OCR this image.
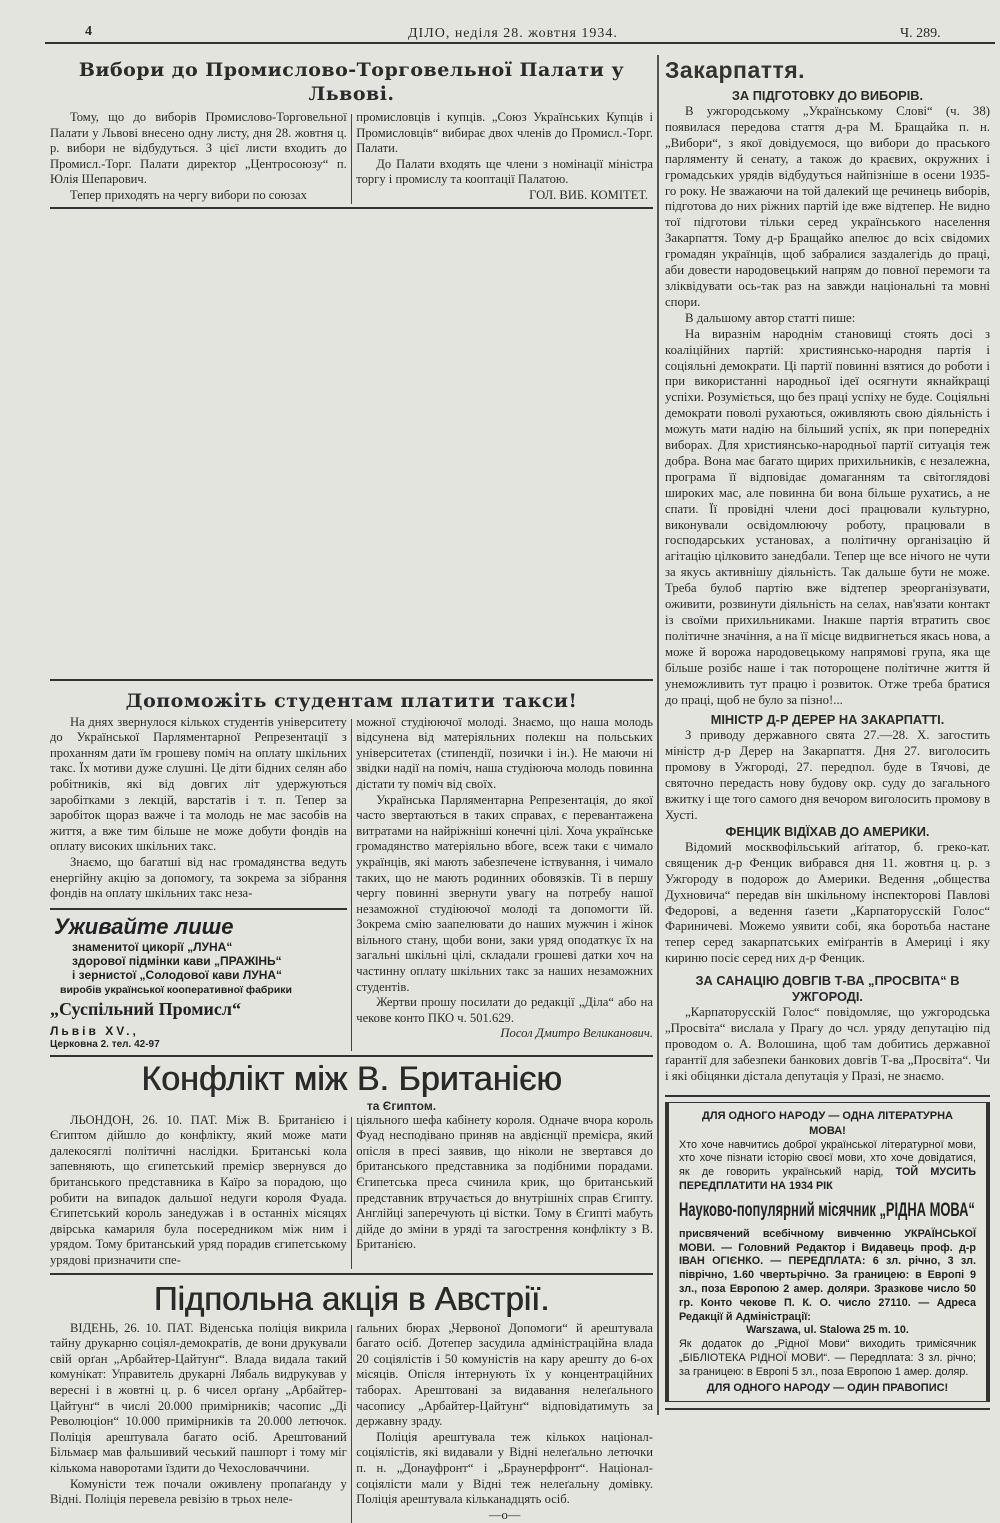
4	ДІЛО, неділя 28. жовтня 1934.	Ч. 289.
Вибори до Промислово-Торговельної Палати у Львові.

Тому, що до виборів Промислово-Торговельної Палати у Львові внесено одну листу, дня 28. жовтня ц. р. вибори не відбудуться. З цієї листи входить до Промисл.-Торг. Палати директор „Центросоюзу“ п. Юлія Шепарович.

Тепер приходять на чергу вибори по союзах

промисловців і купців. „Союз Українських Купців і Промисловців“ вибирає двох членів до Промисл.-Торг. Палати.

До Палати входять ще члени з номінації міністра торгу і промислу та кооптації Палатою.

ГОЛ. ВИБ. КОМІТЕТ.

Допоможіть студентам платити такси!

На днях звернулося кількох студентів університету до Української Парляментарної Репрезентації з проханням дати їм грошеву поміч на оплату шкільних такс. Їх мотиви дуже слушні. Це діти бідних селян або робітників, які від довгих літ удержуються заробітками з лекцій, варстатів і т. п. Тепер за заробіток щораз важче і та молодь не має засобів на життя, а вже тим більше не може добути фондів на оплату високих шкільних такс.

Знаємо, що багатші від нас громадянства ведуть енергійну акцію за допомогу, та зокрема за зібрання фондів на оплату шкільних такс неза-

Уживайте лише
знаменитої цикорії „ЛУНА“
здорової підмінки кави „ПРАЖІНЬ“
і зернистої „Солодової кави ЛУНА“
виробів української кооперативної фабрики
„Суспільний Промисл“
Львів XV.,
Церковна 2. тел. 42-97

можної студіюючої молоді. Знаємо, що наша молодь відсунена від матеріяльних полекш на польських університетах (стипендії, позички і ін.). Не маючи ні звідки надії на поміч, наша студіююча молодь повинна дістати ту поміч від своїх.

Українська Парляментарна Репрезентація, до якої часто звертаються в таких справах, є перевантажена витратами на найріжніші конечні цілі. Хоча українське громадянство матеріяльно вбоге, всеж таки є чимало українців, які мають забезпечене іствування, і чимало таких, що не мають родинних обовязків. Ті в першу чергу повинні звернути увагу на потребу нашої незаможної студіюючої молоді та допомогти їй. Зокрема смію заапелювати до наших мужчин і жінок вільного стану, щоби вони, заки уряд оподаткує їх на загальні шкільні цілі, складали грошеві датки хоч на частинну оплату шкільних такс за наших незаможних студентів.

Жертви прошу посилати до редакції „Діла“ або на чекове конто ПКО ч. 501.629.

Посол Дмитро Великанович.

Конфлікт між В. Британією
та Єгиптом.

ЛЬОНДОН, 26. 10. ПАТ. Між В. Британією і Єгиптом дійшло до конфлікту, який може мати далекосяглі політичні наслідки. Британські кола запевняють, що єгипетський премієр звернувся до британського представника в Каїро за порадою, що робити на випадок дальшої недуги короля Фуада. Єгипетський король занедужав і в останніх місяцях двірська камариля була посередником між ним і урядом. Тому британський уряд порадив єгипетському урядові призначити спе-

ціяльного шефа кабінету короля. Одначе вчора король Фуад несподівано приняв на авдієнції премієра, який опісля в пресі заявив, що ніколи не звертався до британського представника за подібними порадами. Єгипетська преса счинила крик, що британський представник втручається до внутрішніх справ Єгипту. Англійці заперечують ці вістки. Тому в Єгипті мабуть дійде до зміни в уряді та загострення конфлікту з В. Британією.

Підпольна акція в Австрії.

ВІДЕНЬ, 26. 10. ПАТ. Віденська поліція викрила тайну друкарню соціял-демократів, де вони друкували свій орґан „Арбайтер-Цайтунґ“. Влада видала такий комунікат: Управитель друкарні Лябаль видрукував у вересні і в жовтні ц. р. 6 чисел орґану „Арбайтер-Цайтунґ“ в числі 20.000 примірників; часопис „Ді Революціон“ 10.000 примірників та 20.000 летючок. Поліція арештувала багато осіб. Арештований Більмаєр мав фальшивий чеський пашпорт і тому міг кількома наворотами їздити до Чехословаччини.

Комуністи теж почали оживлену пропаґанду у Відні. Поліція перевела ревізію в трьох неле-

ґальних бюрах „Червоної Допомоги“ й арештувала багато осіб. Дотепер засудила адміністраційна влада 20 соціялістів і 50 комуністів на кару арешту до 6-ох місяців. Опісля інтернують їх у концентраційних таборах. Арештовані за видавання нелеґального часопису „Арбайтер-Цайтунґ“ відповідатимуть за державну зраду.

Поліція арештувала теж кількох націонал-соціялістів, які видавали у Відні нелеґально летючки п. н. „Донауфронт“ і „Браунерфронт“. Націонал-соціялісти мали у Відні теж нелеґальну домівку. Поліція арештувала кільканадцять осіб.

—o—

Закарпаття.
ЗА ПІДГОТОВКУ ДО ВИБОРІВ.

В ужгородському „Українському Слові“ (ч. 38) появилася передова стаття д-ра М. Бращайка п. н. „Вибори“, з якої довідуємося, що вибори до праського парляменту й сенату, а також до краєвих, окружних і громадських урядів відбудуться найпізніше в осени 1935-го року. Не зважаючи на той далекий ще речинець виборів, підготова до них ріжних партій іде вже відтепер. Не видно тої підготови тільки серед українського населення Закарпаття. Тому д-р Бращайко апелює до всіх свідомих громадян українців, щоб забралися заздалегідь до праці, аби довести народовецький напрям до повної перемоги та зліквідувати ось-так раз на завжди національні та мовні спори.

В дальшому автор статті пише:

На виразнім народнім становищі стоять досі з коаліційних партій: християнсько-народня партія і соціяльні демократи. Ці партії повинні взятися до роботи і при використанні народньої ідеї осягнути якнайкращі успіхи. Розуміється, що без праці успіху не буде. Соціяльні демократи поволі рухаються, оживляють свою діяльність і можуть мати надію на більший успіх, як при попередніх виборах. Для християнсько-народньої партії ситуація теж добра. Вона має багато щирих прихильників, є незалежна, програма її відповідає домаганням та світоглядові широких мас, але повинна би вона більше рухатись, а не спати. Її провідні члени досі працювали культурно, виконували освідомлюючу роботу, працювали в господарських установах, а політичну організацію й агітацію цілковито занедбали. Тепер ще все нічого не чути за якусь активнішу діяльність. Так дальше бути не може. Треба булоб партію вже відтепер зреорганізувати, оживити, розвинути діяльність на селах, нав'язати контакт із своїми прихильниками. Інакше партія втратить своє політичне значіння, а на її місце видвигнеться якась нова, а може й ворожа народовецькому напрямові група, яка ще більше розібє наше і так поторощене політичне життя й унеможливить тут працю і розвиток. Отже треба братися до праці, щоб не було за пізно!...

МІНІСТР Д-Р ДЕРЕР НА ЗАКАРПАТТІ.

З приводу державного свята 27.—28. X. загостить міністр д-р Дерер на Закарпаття. Дня 27. виголосить промову в Ужгороді, 27. передпол. буде в Тячові, де святочно передасть нову будову окр. суду до загального вжитку і ще того самого дня вечором виголосить промову в Хусті.

ФЕНЦИК ВІДЇХАВ ДО АМЕРИКИ.

Відомий москвофільський аґітатор, б. греко-кат. священик д-р Фенцик вибрався дня 11. жовтня ц. р. з Ужгороду в подорож до Америки. Ведення „общества Духновича“ передав він шкільному інспекторові Павлові Федорові, а ведення ґазети „Карпаторусскій Голос“ Фариничеві. Можемо уявити собі, яка боротьба настане тепер серед закарпатських еміґрантів в Америці і яку кириню посіє серед них д-р Фенцик.

ЗА САНАЦІЮ ДОВГІВ Т-ВА „ПРОСВІТА“ В УЖГОРОДІ.

„Карпаторусскій Голос“ повідомляє, що ужгородська „Просвіта“ вислала у Прагу до чсл. уряду депутацію під проводом о. А. Волошина, щоб там добитись державної ґарантії для забезпеки банкових довгів Т-ва „Просвіта“. Чи і які обіцянки дістала депутація у Празі, не знаємо.

ДЛЯ ОДНОГО НАРОДУ — ОДНА ЛІТЕРАТУРНА МОВА!

Хто хоче навчитись доброї української літературної мови, хто хоче пізнати історію своєї мови, хто хоче довідатися, як де говорить український нарід, ТОЙ МУСИТЬ ПЕРЕДПЛАТИТИ НА 1934 РІК

Науково-популярний місячник „РІДНА МОВА“

присвячений всебічному вивченню УКРАЇНСЬКОЇ МОВИ. — Головний Редактор і Видавець проф. д-р ІВАН ОГІЄНКО. — ПЕРЕДПЛАТА: 6 зл. річно, 3 зл. піврічно, 1.60 чвертьрічно. За границею: в Европі 9 зл., поза Европою 2 амер. доляри. Зразкове число 50 гр. Конто чекове П. К. О. число 27110. — Адреса Редакції й Адміністрації:

Warszawa, ul. Stalowa 25 m. 10.

Як додаток до „Рідної Мови“ виходить тримісячник „БІБЛІОТЕКА РІДНОЇ МОВИ“. — Передплата: 3 зл. річно; за границею: в Европі 5 зл., поза Европою 1 амер. доляр.

ДЛЯ ОДНОГО НАРОДУ — ОДИН ПРАВОПИС!
